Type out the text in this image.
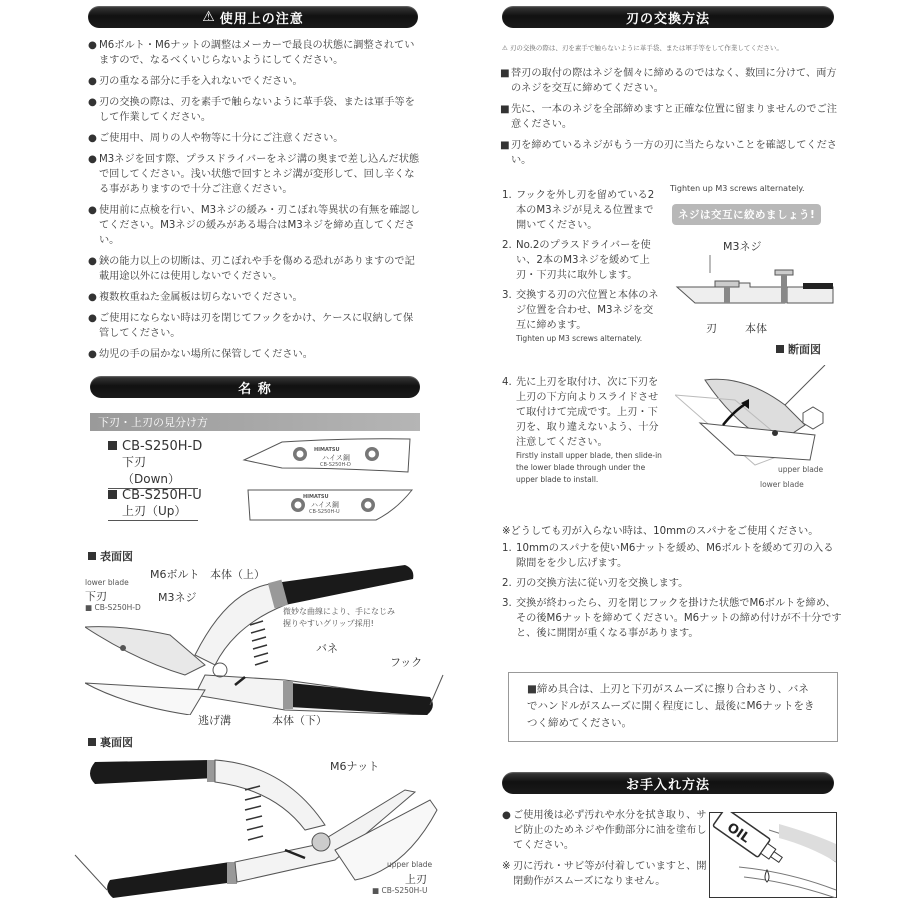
⚠ 使用上の注意
● M6ボルト・M6ナットの調整はメーカーで最良の状態に調整されていますので、なるべくいじらないようにしてください。
● 刃の重なる部分に手を入れないでください。
● 刃の交換の際は、刃を素手で触らないように革手袋、または軍手等をして作業してください。
● ご使用中、周りの人や物等に十分にご注意ください。
● M3ネジを回す際、プラスドライバーをネジ溝の奥まで差し込んだ状態で回してください。浅い状態で回すとネジ溝が変形して、回し辛くなる事がありますので十分ご注意ください。
● 使用前に点検を行い、M3ネジの緩み・刃こぼれ等異状の有無を確認してください。M3ネジの緩みがある場合はM3ネジを締め直してください。
● 鋏の能力以上の切断は、刃こぼれや手を傷める恐れがありますので記載用途以外には使用しないでください。
● 複数枚重ねた金属板は切らないでください。
● ご使用にならない時は刃を閉じてフックをかけ、ケースに収納して保管してください。
● 幼児の手の届かない場所に保管してください。
名 称
下刃・上刃の見分け方
CB-S250H-D
下刃（Down）
CB-S250H-U
上刃（Up）
HIMATSU
ハイス鋼
CB-S250H-D
HIMATSU
ハイス鋼
CB-S250H-U
表面図
lower blade
下刃
■ CB-S250H-D
M6ボルト 本体（上）
M3ネジ
微妙な曲線により、手になじみ
握りやすいグリップ採用!
バネ
フック
逃げ溝	本体（下）
裏面図
M6ナット
upper blade
上刃
■ CB-S250H-U
刃の交換方法
⚠ 刃の交換の際は、刃を素手で触らないように革手袋、または軍手等をして作業してください。
■ 替刃の取付の際はネジを個々に締めるのではなく、数回に分けて、両方のネジを交互に締めてください。
■ 先に、一本のネジを全部締めますと正確な位置に留まりませんのでご注意ください。
■ 刃を締めているネジがもう一方の刃に当たらないことを確認してください。
1. フックを外し刃を留めている2本のM3ネジが見える位置まで開いてください。
2. No.2のプラスドライバーを使い、2本のM3ネジを緩めて上刃・下刃共に取外します。
3. 交換する刃の穴位置と本体のネジ位置を合わせ、M3ネジを交互に締めます。
Tighten up M3 screws alternately.
4. 先に上刃を取付け、次に下刃を上刃の下方向よりスライドさせて取付けて完成です。上刃・下刃を、取り違えないよう、十分注意してください。
Firstly install upper blade, then slide-in the lower blade through under the upper blade to install.
Tighten up M3 screws alternately.
ネジは交互に絞めましょう!
M3ネジ
刃	本体
断面図
upper blade
lower blade
※どうしても刃が入らない時は、10mmのスパナをご使用ください。
1. 10mmのスパナを使いM6ナットを緩め、M6ボルトを緩めて刃の入る隙間をを少し広げます。
2. 刃の交換方法に従い刃を交換します。
3. 交換が終わったら、刃を閉じフックを掛けた状態でM6ボルトを締め、その後M6ナットを締めてください。M6ナットの締め付けが不十分ですと、後に開閉が重くなる事があります。
■締め具合は、上刃と下刃がスムーズに擦り合わさり、バネでハンドルがスムーズに開く程度にし、最後にM6ナットをきつく締めてください。
お手入れ方法
● ご使用後は必ず汚れや水分を拭き取り、サビ防止のためネジや作動部分に油を塗布してください。
※ 刃に汚れ・サビ等が付着していますと、開閉動作がスムーズになりません。
OIL
